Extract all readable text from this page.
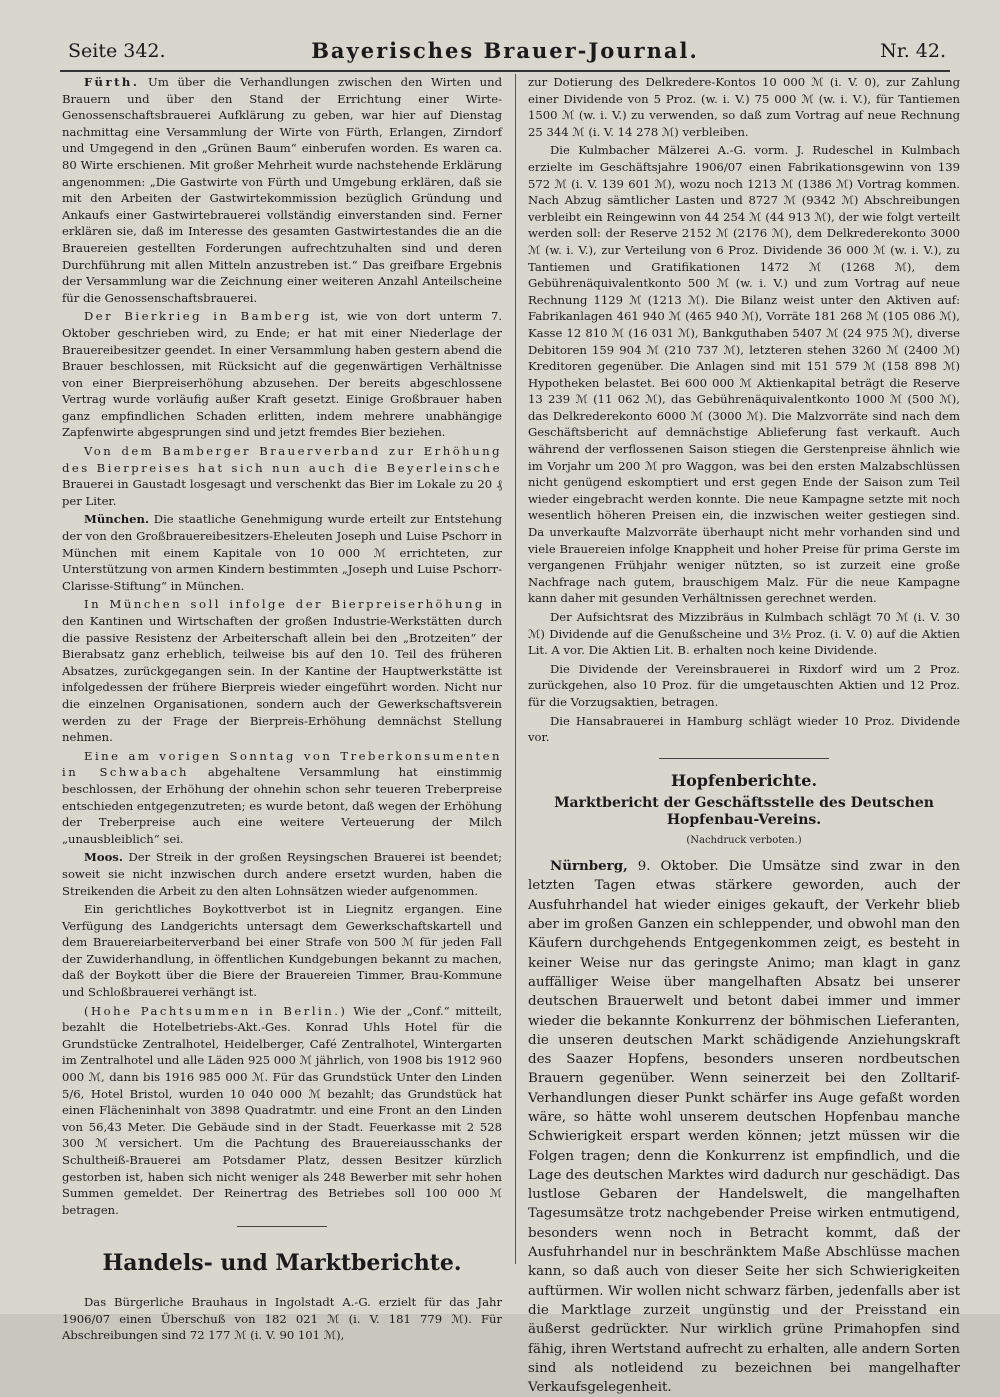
Seite 342.	Bayerisches Brauer-Journal.	Nr. 42.

Fürth. Um über die Verhandlungen zwischen den Wirten und Brauern und über den Stand der Errichtung einer Wirte-Genossenschaftsbrauerei Aufklärung zu geben, war hier auf Dienstag nachmittag eine Versammlung der Wirte von Fürth, Erlangen, Zirndorf und Umgegend in den „Grünen Baum“ einberufen worden. Es waren ca. 80 Wirte erschienen. Mit großer Mehrheit wurde nachstehende Erklärung angenommen: „Die Gastwirte von Fürth und Umgebung erklären, daß sie mit den Arbeiten der Gastwirtekommission bezüglich Gründung und Ankaufs einer Gastwirtebrauerei vollständig einverstanden sind. Ferner erklären sie, daß im Interesse des gesamten Gastwirtestandes die an die Brauereien gestellten Forderungen aufrechtzuhalten sind und deren Durchführung mit allen Mitteln anzustreben ist.“ Das greifbare Ergebnis der Versammlung war die Zeichnung einer weiteren Anzahl Anteilscheine für die Genossenschaftsbrauerei.

Der Bierkrieg in Bamberg ist, wie von dort unterm 7. Oktober geschrieben wird, zu Ende; er hat mit einer Niederlage der Brauereibesitzer geendet. In einer Versammlung haben gestern abend die Brauer beschlossen, mit Rücksicht auf die gegenwärtigen Verhältnisse von einer Bierpreiserhöhung abzusehen. Der bereits abgeschlossene Vertrag wurde vorläufig außer Kraft gesetzt. Einige Großbrauer haben ganz empfindlichen Schaden erlitten, indem mehrere unabhängige Zapfenwirte abgesprungen sind und jetzt fremdes Bier beziehen.

Von dem Bamberger Brauerverband zur Erhöhung des Bierpreises hat sich nun auch die Beyerleinsche Brauerei in Gaustadt losgesagt und verschenkt das Bier im Lokale zu 20 ₰ per Liter.

München. Die staatliche Genehmigung wurde erteilt zur Entstehung der von den Großbrauereibesitzers-Eheleuten Joseph und Luise Pschorr in München mit einem Kapitale von 10 000 ℳ errichteten, zur Unterstützung von armen Kindern bestimmten „Joseph und Luise Pschorr-Clarisse-Stiftung“ in München.

In München soll infolge der Bierpreiserhöhung in den Kantinen und Wirtschaften der großen Industrie-Werkstätten durch die passive Resistenz der Arbeiterschaft allein bei den „Brotzeiten“ der Bierabsatz ganz erheblich, teilweise bis auf den 10. Teil des früheren Absatzes, zurückgegangen sein. In der Kantine der Hauptwerkstätte ist infolgedessen der frühere Bierpreis wieder eingeführt worden. Nicht nur die einzelnen Organisationen, sondern auch der Gewerkschaftsverein werden zu der Frage der Bierpreis-Erhöhung demnächst Stellung nehmen.

Eine am vorigen Sonntag von Treberkonsumenten in Schwabach abgehaltene Versammlung hat einstimmig beschlossen, der Erhöhung der ohnehin schon sehr teueren Treberpreise entschieden entgegenzutreten; es wurde betont, daß wegen der Erhöhung der Treberpreise auch eine weitere Verteuerung der Milch „unausbleiblich“ sei.

Moos. Der Streik in der großen Reysingschen Brauerei ist beendet; soweit sie nicht inzwischen durch andere ersetzt wurden, haben die Streikenden die Arbeit zu den alten Lohnsätzen wieder aufgenommen.

Ein gerichtliches Boykottverbot ist in Liegnitz ergangen. Eine Verfügung des Landgerichts untersagt dem Gewerkschaftskartell und dem Brauereiarbeiterverband bei einer Strafe von 500 ℳ für jeden Fall der Zuwiderhandlung, in öffentlichen Kundgebungen bekannt zu machen, daß der Boykott über die Biere der Brauereien Timmer, Brau-Kommune und Schloßbrauerei verhängt ist.

(Hohe Pachtsummen in Berlin.) Wie der „Conf.“ mitteilt, bezahlt die Hotelbetriebs-Akt.-Ges. Konrad Uhls Hotel für die Grundstücke Zentralhotel, Heidelberger, Café Zentralhotel, Wintergarten im Zentralhotel und alle Läden 925 000 ℳ jährlich, von 1908 bis 1912 960 000 ℳ, dann bis 1916 985 000 ℳ. Für das Grundstück Unter den Linden 5/6, Hotel Bristol, wurden 10 040 000 ℳ bezahlt; das Grundstück hat einen Flächeninhalt von 3898 Quadratmtr. und eine Front an den Linden von 56,43 Meter. Die Gebäude sind in der Stadt. Feuerkasse mit 2 528 300 ℳ versichert. Um die Pachtung des Brauereiausschanks der Schultheiß-Brauerei am Potsdamer Platz, dessen Besitzer kürzlich gestorben ist, haben sich nicht weniger als 248 Bewerber mit sehr hohen Summen gemeldet. Der Reinertrag des Betriebes soll 100 000 ℳ betragen.

Handels- und Marktberichte.

Das Bürgerliche Brauhaus in Ingolstadt A.-G. erzielt für das Jahr 1906/07 einen Überschuß von 182 021 ℳ (i. V. 181 779 ℳ). Für Abschreibungen sind 72 177 ℳ (i. V. 90 101 ℳ),

zur Dotierung des Delkredere-Kontos 10 000 ℳ (i. V. 0), zur Zahlung einer Dividende von 5 Proz. (w. i. V.) 75 000 ℳ (w. i. V.), für Tantiemen 1500 ℳ (w. i. V.) zu verwenden, so daß zum Vortrag auf neue Rechnung 25 344 ℳ (i. V. 14 278 ℳ) verbleiben.

Die Kulmbacher Mälzerei A.-G. vorm. J. Rudeschel in Kulmbach erzielte im Geschäftsjahre 1906/07 einen Fabrikationsgewinn von 139 572 ℳ (i. V. 139 601 ℳ), wozu noch 1213 ℳ (1386 ℳ) Vortrag kommen. Nach Abzug sämtlicher Lasten und 8727 ℳ (9342 ℳ) Abschreibungen verbleibt ein Reingewinn von 44 254 ℳ (44 913 ℳ), der wie folgt verteilt werden soll: der Reserve 2152 ℳ (2176 ℳ), dem Delkrederekonto 3000 ℳ (w. i. V.), zur Verteilung von 6 Proz. Dividende 36 000 ℳ (w. i. V.), zu Tantiemen und Gratifikationen 1472 ℳ (1268 ℳ), dem Gebührenäquivalentkonto 500 ℳ (w. i. V.) und zum Vortrag auf neue Rechnung 1129 ℳ (1213 ℳ). Die Bilanz weist unter den Aktiven auf: Fabrikanlagen 461 940 ℳ (465 940 ℳ), Vorräte 181 268 ℳ (105 086 ℳ), Kasse 12 810 ℳ (16 031 ℳ), Bankguthaben 5407 ℳ (24 975 ℳ), diverse Debitoren 159 904 ℳ (210 737 ℳ), letzteren stehen 3260 ℳ (2400 ℳ) Kreditoren gegenüber. Die Anlagen sind mit 151 579 ℳ (158 898 ℳ) Hypotheken belastet. Bei 600 000 ℳ Aktienkapital beträgt die Reserve 13 239 ℳ (11 062 ℳ), das Gebührenäquivalentkonto 1000 ℳ (500 ℳ), das Delkrederekonto 6000 ℳ (3000 ℳ). Die Malzvorräte sind nach dem Geschäftsbericht auf demnächstige Ablieferung fast verkauft. Auch während der verflossenen Saison stiegen die Gerstenpreise ähnlich wie im Vorjahr um 200 ℳ pro Waggon, was bei den ersten Malzabschlüssen nicht genügend eskomptiert und erst gegen Ende der Saison zum Teil wieder eingebracht werden konnte. Die neue Kampagne setzte mit noch wesentlich höheren Preisen ein, die inzwischen weiter gestiegen sind. Da unverkaufte Malzvorräte überhaupt nicht mehr vorhanden sind und viele Brauereien infolge Knappheit und hoher Preise für prima Gerste im vergangenen Frühjahr weniger nützten, so ist zurzeit eine große Nachfrage nach gutem, brauschigem Malz. Für die neue Kampagne kann daher mit gesunden Verhältnissen gerechnet werden.

Der Aufsichtsrat des Mizzibräus in Kulmbach schlägt 70 ℳ (i. V. 30 ℳ) Dividende auf die Genußscheine und 3½ Proz. (i. V. 0) auf die Aktien Lit. A vor. Die Aktien Lit. B. erhalten noch keine Dividende.

Die Dividende der Vereinsbrauerei in Rixdorf wird um 2 Proz. zurückgehen, also 10 Proz. für die umgetauschten Aktien und 12 Proz. für die Vorzugsaktien, betragen.

Die Hansabrauerei in Hamburg schlägt wieder 10 Proz. Dividende vor.

Hopfenberichte.
Marktbericht der Geschäftsstelle des Deutschen Hopfenbau-Vereins.
(Nachdruck verboten.)

Nürnberg, 9. Oktober. Die Umsätze sind zwar in den letzten Tagen etwas stärkere geworden, auch der Ausfuhrhandel hat wieder einiges gekauft, der Verkehr blieb aber im großen Ganzen ein schleppender, und obwohl man den Käufern durchgehends Entgegenkommen zeigt, es besteht in keiner Weise nur das geringste Animo; man klagt in ganz auffälliger Weise über mangelhaften Absatz bei unserer deutschen Brauerwelt und betont dabei immer und immer wieder die bekannte Konkurrenz der böhmischen Lieferanten, die unseren deutschen Markt schädigende Anziehungskraft des Saazer Hopfens, besonders unseren nordbeutschen Brauern gegenüber. Wenn seinerzeit bei den Zolltarif-Verhandlungen dieser Punkt schärfer ins Auge gefaßt worden wäre, so hätte wohl unserem deutschen Hopfenbau manche Schwierigkeit erspart werden können; jetzt müssen wir die Folgen tragen; denn die Konkurrenz ist empfindlich, und die Lage des deutschen Marktes wird dadurch nur geschädigt. Das lustlose Gebaren der Handelswelt, die mangelhaften Tagesumsätze trotz nachgebender Preise wirken entmutigend, besonders wenn noch in Betracht kommt, daß der Ausfuhrhandel nur in beschränktem Maße Abschlüsse machen kann, so daß auch von dieser Seite her sich Schwierigkeiten auftürmen. Wir wollen nicht schwarz färben, jedenfalls aber ist die Marktlage zurzeit ungünstig und der Preisstand ein äußerst gedrückter. Nur wirklich grüne Primahopfen sind fähig, ihren Wertstand aufrecht zu erhalten, alle andern Sorten sind als notleidend zu bezeichnen bei mangelhafter Verkaufsgelegenheit.
